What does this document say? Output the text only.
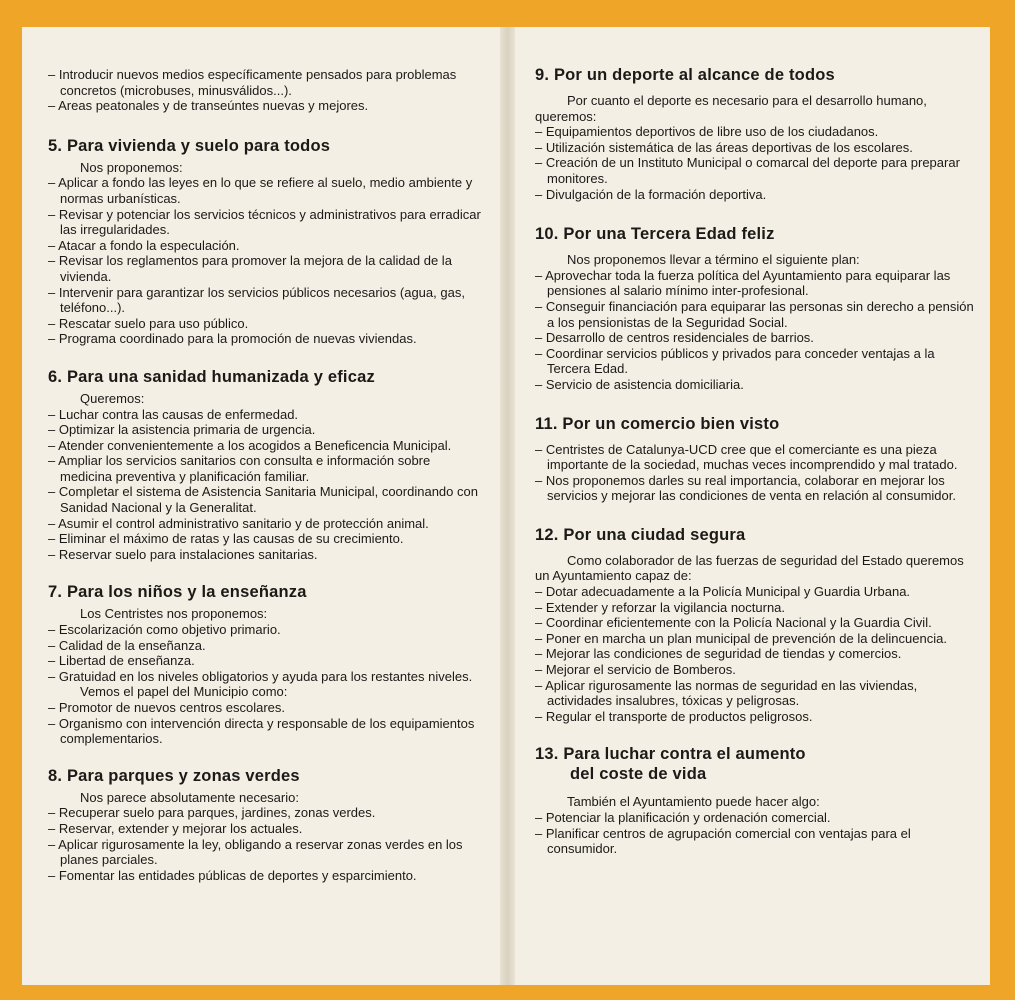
– Introducir nuevos medios específicamente pensados para problemas concretos (microbuses, minusválidos...).
– Areas peatonales y de transeúntes nuevas y mejores.
5. Para vivienda y suelo para todos
Nos proponemos:
– Aplicar a fondo las leyes en lo que se refiere al suelo, medio ambiente y normas urbanísticas.
– Revisar y potenciar los servicios técnicos y administrativos para erradicar las irregularidades.
– Atacar a fondo la especulación.
– Revisar los reglamentos para promover la mejora de la calidad de la vivienda.
– Intervenir para garantizar los servicios públicos necesarios (agua, gas, teléfono...).
– Rescatar suelo para uso público.
– Programa coordinado para la promoción de nuevas viviendas.
6. Para una sanidad humanizada y eficaz
Queremos:
– Luchar contra las causas de enfermedad.
– Optimizar la asistencia primaria de urgencia.
– Atender convenientemente a los acogidos a Beneficencia Municipal.
– Ampliar los servicios sanitarios con consulta e información sobre medicina preventiva y planificación familiar.
– Completar el sistema de Asistencia Sanitaria Municipal, coordinando con Sanidad Nacional y la Generalitat.
– Asumir el control administrativo sanitario y de protección animal.
– Eliminar el máximo de ratas y las causas de su crecimiento.
– Reservar suelo para instalaciones sanitarias.
7. Para los niños y la enseñanza
Los Centristes nos proponemos:
– Escolarización como objetivo primario.
– Calidad de la enseñanza.
– Libertad de enseñanza.
– Gratuidad en los niveles obligatorios y ayuda para los restantes niveles.
Vemos el papel del Municipio como:
– Promotor de nuevos centros escolares.
– Organismo con intervención directa y responsable de los equipamientos complementarios.
8. Para parques y zonas verdes
Nos parece absolutamente necesario:
– Recuperar suelo para parques, jardines, zonas verdes.
– Reservar, extender y mejorar los actuales.
– Aplicar rigurosamente la ley, obligando a reservar zonas verdes en los planes parciales.
– Fomentar las entidades públicas de deportes y esparcimiento.
9. Por un deporte al alcance de todos
Por cuanto el deporte es necesario para el desarrollo humano, queremos:
– Equipamientos deportivos de libre uso de los ciudadanos.
– Utilización sistemática de las áreas deportivas de los escolares.
– Creación de un Instituto Municipal o comarcal del deporte para preparar monitores.
– Divulgación de la formación deportiva.
10. Por una Tercera Edad feliz
Nos proponemos llevar a término el siguiente plan:
– Aprovechar toda la fuerza política del Ayuntamiento para equiparar las pensiones al salario mínimo inter-profesional.
– Conseguir financiación para equiparar las personas sin derecho a pensión a los pensionistas de la Seguridad Social.
– Desarrollo de centros residenciales de barrios.
– Coordinar servicios públicos y privados para conceder ventajas a la Tercera Edad.
– Servicio de asistencia domiciliaria.
11. Por un comercio bien visto
– Centristes de Catalunya-UCD cree que el comerciante es una pieza importante de la sociedad, muchas veces incomprendido y mal tratado.
– Nos proponemos darles su real importancia, colaborar en mejorar los servicios y mejorar las condiciones de venta en relación al consumidor.
12. Por una ciudad segura
Como colaborador de las fuerzas de seguridad del Estado queremos un Ayuntamiento capaz de:
– Dotar adecuadamente a la Policía Municipal y Guardia Urbana.
– Extender y reforzar la vigilancia nocturna.
– Coordinar eficientemente con la Policía Nacional y la Guardia Civil.
– Poner en marcha un plan municipal de prevención de la delincuencia.
– Mejorar las condiciones de seguridad de tiendas y comercios.
– Mejorar el servicio de Bomberos.
– Aplicar rigurosamente las normas de seguridad en las viviendas, actividades insalubres, tóxicas y peligrosas.
– Regular el transporte de productos peligrosos.
13. Para luchar contra el aumento
del coste de vida
También el Ayuntamiento puede hacer algo:
– Potenciar la planificación y ordenación comercial.
– Planificar centros de agrupación comercial con ventajas para el consumidor.
